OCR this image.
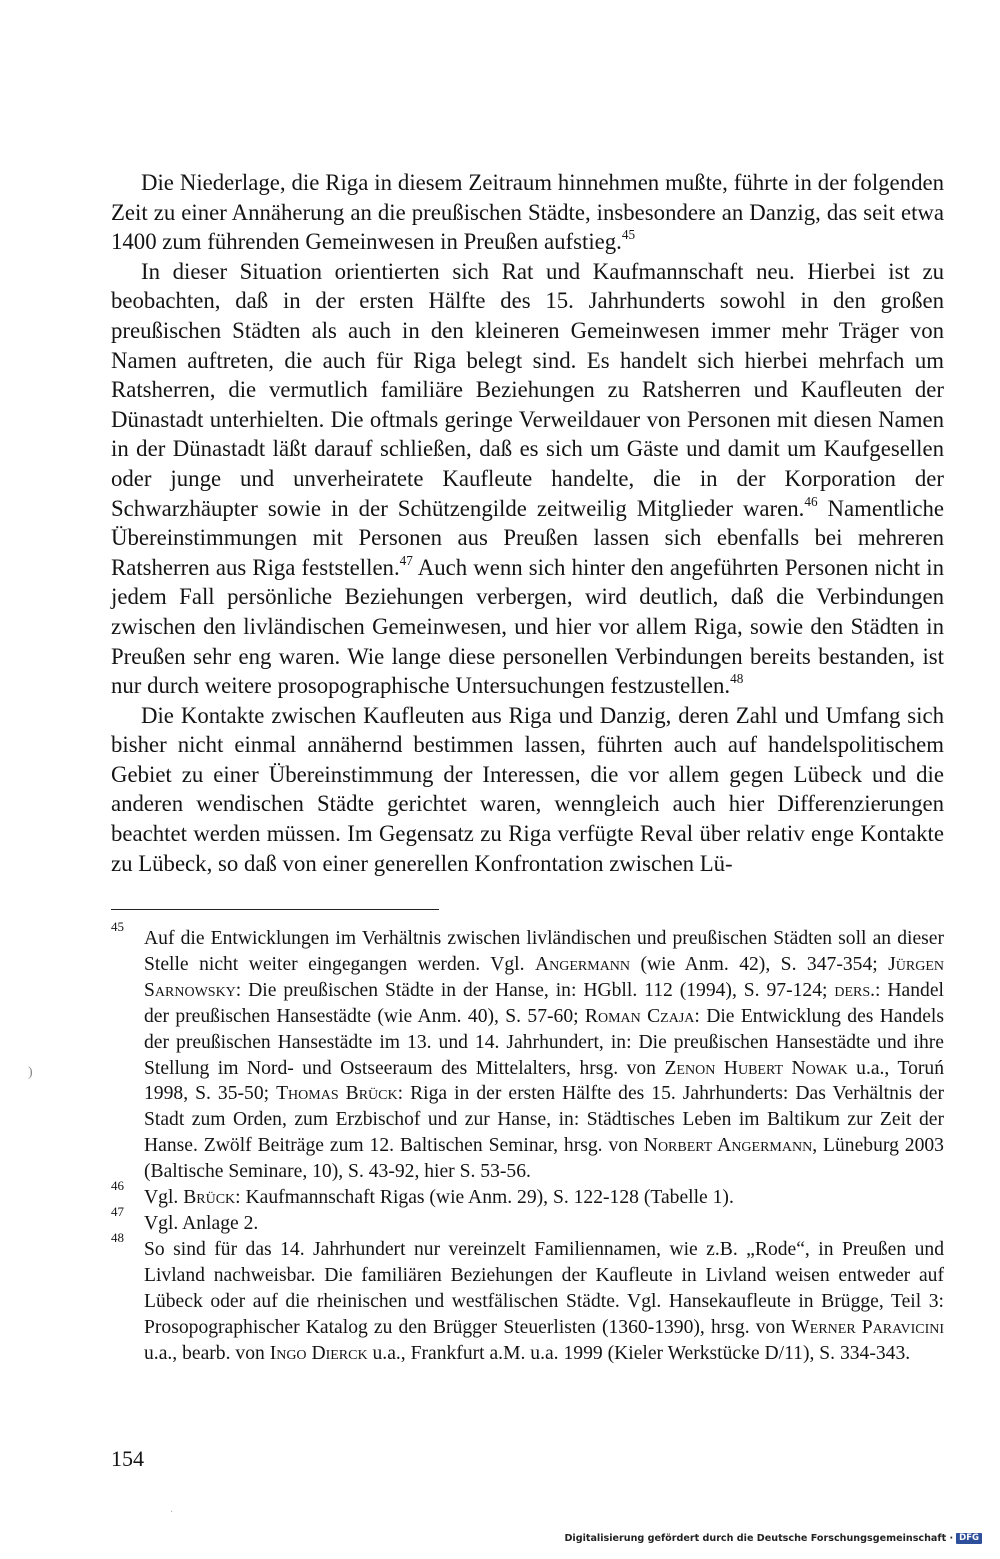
Die Niederlage, die Riga in diesem Zeitraum hinnehmen mußte, führte in der folgenden Zeit zu einer Annäherung an die preußischen Städte, insbesondere an Danzig, das seit etwa 1400 zum führenden Gemeinwesen in Preußen aufstieg.$^{45}$

In dieser Situation orientierten sich Rat und Kaufmannschaft neu. Hierbei ist zu beobachten, daß in der ersten Hälfte des 15. Jahrhunderts sowohl in den großen preußischen Städten als auch in den kleineren Gemeinwesen immer mehr Träger von Namen auftreten, die auch für Riga belegt sind. Es handelt sich hierbei mehrfach um Ratsherren, die vermutlich familiäre Beziehungen zu Ratsherren und Kaufleuten der Dünastadt unterhielten. Die oftmals geringe Verweildauer von Personen mit diesen Namen in der Dünastadt läßt darauf schließen, daß es sich um Gäste und damit um Kaufgesellen oder junge und unverheiratete Kaufleute handelte, die in der Korporation der Schwarzhäupter sowie in der Schützengilde zeitweilig Mitglieder waren.$^{46}$ Namentliche Übereinstimmungen mit Personen aus Preußen lassen sich ebenfalls bei mehreren Ratsherren aus Riga feststellen.$^{47}$ Auch wenn sich hinter den angeführten Personen nicht in jedem Fall persönliche Beziehungen verbergen, wird deutlich, daß die Verbindungen zwischen den livländischen Gemeinwesen, und hier vor allem Riga, sowie den Städten in Preußen sehr eng waren. Wie lange diese personellen Verbindungen bereits bestanden, ist nur durch weitere prosopographische Untersuchungen festzustellen.$^{48}$

Die Kontakte zwischen Kaufleuten aus Riga und Danzig, deren Zahl und Umfang sich bisher nicht einmal annähernd bestimmen lassen, führten auch auf handelspolitischem Gebiet zu einer Übereinstimmung der Interessen, die vor allem gegen Lübeck und die anderen wendischen Städte gerichtet waren, wenngleich auch hier Differenzierungen beachtet werden müssen. Im Gegensatz zu Riga verfügte Reval über relativ enge Kontakte zu Lübeck, so daß von einer generellen Konfrontation zwischen Lü-

45
Auf die Entwicklungen im Verhältnis zwischen livländischen und preußischen Städten soll an dieser Stelle nicht weiter eingegangen werden. Vgl. Angermann (wie Anm. 42), S. 347-354; Jürgen Sarnowsky: Die preußischen Städte in der Hanse, in: HGbll. 112 (1994), S. 97-124; ders.: Handel der preußischen Hansestädte (wie Anm. 40), S. 57-60; Roman Czaja: Die Entwicklung des Handels der preußischen Hansestädte im 13. und 14. Jahrhundert, in: Die preußischen Hansestädte und ihre Stellung im Nord- und Ostseeraum des Mittelalters, hrsg. von Zenon Hubert Nowak u.a., Toruń 1998, S. 35-50; Thomas Brück: Riga in der ersten Hälfte des 15. Jahrhunderts: Das Verhältnis der Stadt zum Orden, zum Erzbischof und zur Hanse, in: Städtisches Leben im Baltikum zur Zeit der Hanse. Zwölf Beiträge zum 12. Baltischen Seminar, hrsg. von Norbert Angermann, Lüneburg 2003 (Baltische Seminare, 10), S. 43-92, hier S. 53-56.
46
Vgl. Brück: Kaufmannschaft Rigas (wie Anm. 29), S. 122-128 (Tabelle 1).
47
Vgl. Anlage 2.
48
So sind für das 14. Jahrhundert nur vereinzelt Familiennamen, wie z.B. „Rode“, in Preußen und Livland nachweisbar. Die familiären Beziehungen der Kaufleute in Livland weisen entweder auf Lübeck oder auf die rheinischen und westfälischen Städte. Vgl. Hansekaufleute in Brügge, Teil 3: Prosopographischer Katalog zu den Brügger Steuerlisten (1360-1390), hrsg. von Werner Paravicini u.a., bearb. von Ingo Dierck u.a., Frankfurt a.M. u.a. 1999 (Kieler Werkstücke D/11), S. 334-343.
154
)
·
Digitalisierung gefördert durch die Deutsche Forschungsgemeinschaft · DFG
